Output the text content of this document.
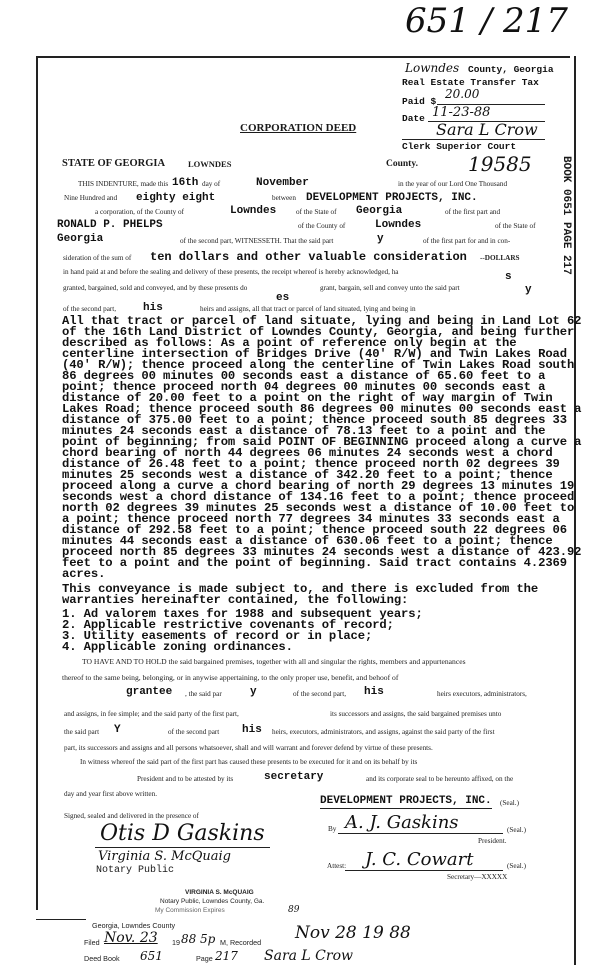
651 / 217
Lowndes County, Georgia
Real Estate Transfer Tax
Paid $
20.00
Date 11-23-88
Sara L Crow
Clerk Superior Court
BOOK 0651 PAGE 217
CORPORATION DEED
STATE OF GEORGIA	LOWNDES	County.	19585
THIS INDENTURE, made this 16th day of	November	in the year of our Lord One Thousand
Nine Hundred and eighty eight	between DEVELOPMENT PROJECTS, INC.
a corporation, of the County of	Lowndes	of the State of Georgia	of the first part and
RONALD P. PHELPS	of the County of	Lowndes	of the State of
Georgia	of the second part, WITNESSETH. That the said part	y	of the first part for and in con-
sideration of the sum of ten dollars and other valuable consideration --DOLLARS
in hand paid at and before the sealing and delivery of these presents, the receipt whereof is hereby acknowledged, ha	s
granted, bargained, sold and conveyed, and by these presents do
es
grant, bargain, sell and convey unto the said part	y
of the second part, his	heirs and assigns, all that tract or parcel of land situated, lying and being in
All that tract or parcel of land situate, lying and being in Land Lot 62
of the 16th Land District of Lowndes County, Georgia, and being further
described as follows: As a point of reference only begin at the
centerline intersection of Bridges Drive (40' R/W) and Twin Lakes Road
(40' R/W); thence proceed along the centerline of Twin Lakes Road south
86 degrees 00 minutes 00 seconds east a distance of 65.60 feet to a
point; thence proceed north 04 degrees 00 minutes 00 seconds east a
distance of 20.00 feet to a point on the right of way margin of Twin
Lakes Road; thence proceed south 86 degrees 00 minutes 00 seconds east a
distance of 375.00 feet to a point; thence proceed south 85 degrees 33
minutes 24 seconds east a distance of 78.13 feet to a point and the
point of beginning; from said POINT OF BEGINNING proceed along a curve a
chord bearing of north 44 degrees 06 minutes 24 seconds west a chord
distance of 26.48 feet to a point; thence proceed north 02 degrees 39
minutes 25 seconds west a distance of 342.20 feet to a point; thence
proceed along a curve a chord bearing of north 29 degrees 13 minutes 19
seconds west a chord distance of 134.16 feet to a point; thence proceed
north 02 degrees 39 minutes 25 seconds west a distance of 10.00 feet to
a point; thence proceed north 77 degrees 34 minutes 33 seconds east a
distance of 292.58 feet to a point; thence proceed south 22 degrees 06
minutes 44 seconds east a distance of 630.06 feet to a point; thence
proceed north 85 degrees 33 minutes 24 seconds west a distance of 423.92
feet to a point and the point of beginning. Said tract contains 4.2369
acres.
This conveyance is made subject to, and there is excluded from the
warranties hereinafter contained, the following:
1. Ad valorem taxes for 1988 and subsequent years;
2. Applicable restrictive covenants of record;
3. Utility easements of record or in place;
4. Applicable zoning ordinances.
TO HAVE AND TO HOLD the said bargained premises, together with all and singular the rights, members and appurtenances
thereof to the same being, belonging, or in anywise appertaining, to the only proper use, benefit, and behoof of
grantee , the said par	y	of the second part, his	heirs executors, administrators,
and assigns, in fee simple; and the said party of the first part,	its successors and assigns, the said bargained premises unto
the said part Y	of the second part his heirs, executors, administrators, and assigns, against the said party of the first
part, its successors and assigns and all persons whatsoever, shall and will warrant and forever defend by virtue of these presents.
In witness whereof the said part of the first part has caused these presents to be executed for it and on its behalf by its
President and to be attested by its	secretary	and its corporate seal to be hereunto affixed, on the
day and year first above written.
DEVELOPMENT PROJECTS, INC. (Seal.)
Signed, sealed and delivered in the presence of
Otis D Gaskins	By A. J. Gaskins	(Seal.)
President.
Virginia S. McQuaig
Notary Public	Attest: J. C. Cowart	(Seal.)
Secretary—XXXXX
VIRGINIA S. McQUAIG
Notary Public, Lowndes County, Ga.
My Commission Expires	89
Georgia, Lowndes County
Filed Nov. 23 19 88 5p M, Recorded Nov 28 19 88
Deed Book 651	Page 217 Sara L Crow
